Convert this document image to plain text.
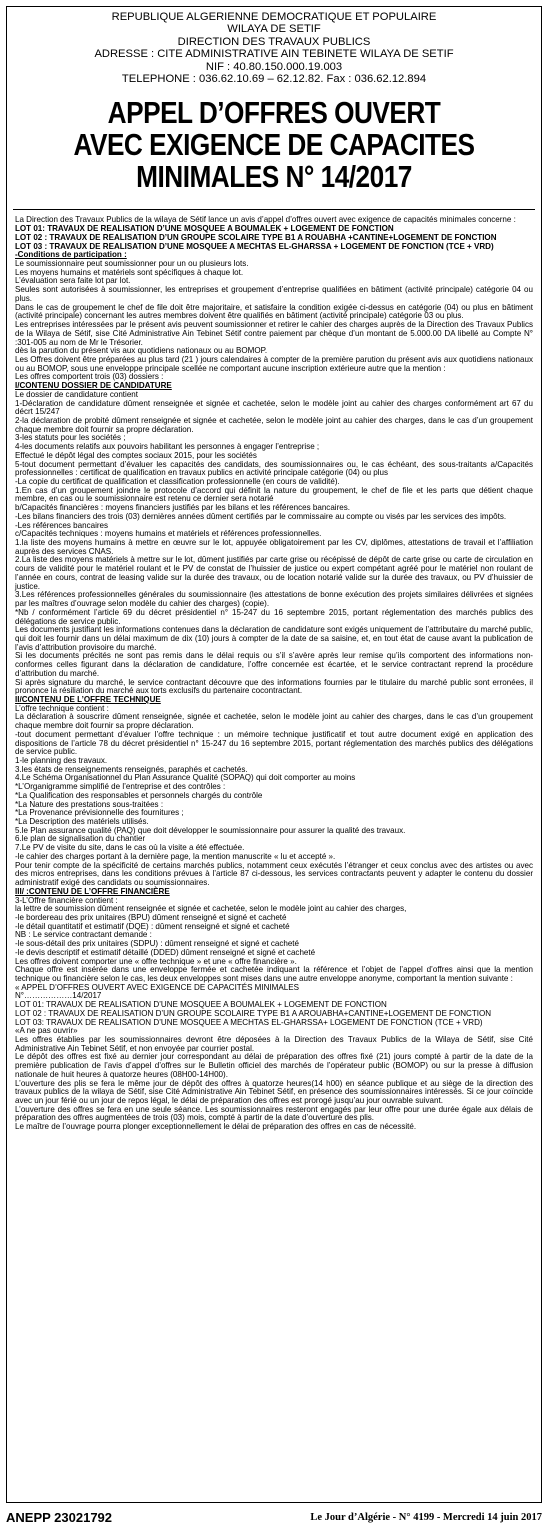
REPUBLIQUE ALGERIENNE DEMOCRATIQUE ET POPULAIRE
WILAYA DE SETIF
DIRECTION DES TRAVAUX PUBLICS
ADRESSE : CITE ADMINISTRATIVE AIN TEBINETE WILAYA DE SETIF
NIF : 40.80.150.000.19.003
TELEPHONE : 036.62.10.69 – 62.12.82. Fax : 036.62.12.894
APPEL D’OFFRES OUVERT
AVEC EXIGENCE DE CAPACITES
MINIMALES N° 14/2017

La Direction des Travaux Publics de la wilaya de Sétif lance un avis d’appel d’offres ouvert avec exigence de capacités minimales concerne :

LOT 01: TRAVAUX DE REALISATION D’UNE MOSQUEE A BOUMALEK + LOGEMENT DE FONCTION

LOT 02 : TRAVAUX DE REALISATION D’UN GROUPE SCOLAIRE TYPE B1 A ROUABHA +CANTINE+LOGEMENT DE FONCTION

LOT 03 : TRAVAUX DE REALISATION D’UNE MOSQUEE A MECHTAS EL-GHARSSA + LOGEMENT DE FONCTION (TCE + VRD)

-Conditions de participation :

Le soumissionnaire peut soumissionner pour un ou plusieurs lots.

Les moyens humains et matériels sont spécifiques à chaque lot.

L’évaluation sera faite lot par lot.

Seules sont autorisées à soumissionner, les entreprises et groupement d’entreprise qualifiées en bâtiment (activité principale) catégorie 04 ou plus.

Dans le cas de groupement le chef de file doit être majoritaire, et satisfaire la condition exigée ci-dessus en catégorie (04) ou plus en bâtiment (activité principale) concernant les autres membres doivent être qualifiés en bâtiment (activité principale) catégorie 03 ou plus.

Les entreprises intéressées par le présent avis peuvent soumissionner et retirer le cahier des charges auprès de la Direction des Travaux Publics de la Wilaya de Sétif, sise Cité Administrative Ain Tebinet Sétif contre paiement par chèque d’un montant de 5.000.00 DA libellé au Compte N° :301-005 au nom de Mr le Trésorier.

dès la parution du présent vis aux quotidiens nationaux ou au BOMOP.

Les Offres doivent être préparées au plus tard (21 ) jours calendaires à compter de la première parution du présent avis aux quotidiens nationaux ou au BOMOP, sous une enveloppe principale scellée ne comportant aucune inscription extérieure autre que la mention :

Les offres comportent trois (03) dossiers :

I/CONTENU DOSSIER DE CANDIDATURE

Le dossier de candidature contient

1-Déclaration de candidature dûment renseignée et signée et cachetée, selon le modèle joint au cahier des charges conformément art 67 du décrt 15/247

2-la déclaration de probité dûment renseignée et signée et cachetée, selon le modèle joint au cahier des charges, dans le cas d’un groupement chaque membre doit fournir sa propre déclaration.

3-les statuts pour les sociétés ;

4-les documents relatifs aux pouvoirs habilitant les personnes à engager l’entreprise ;

Effectué le dépôt légal des comptes sociaux 2015, pour les sociétés

5-tout document permettant d’évaluer les capacités des candidats, des soumissionnaires ou, le cas échéant, des sous-traitants a/Capacités professionnelles : certificat de qualification en travaux publics en activité principale catégorie (04) ou plus

-La copie du certificat de qualification et classification professionnelle (en cours de validité).

1.En cas d’un groupement joindre le protocole d’accord qui définit la nature du groupement, le chef de file et les parts que détient chaque membre, en cas ou le soumissionnaire est retenu ce dernier sera notarié

b/Capacités financières : moyens financiers justifiés par les bilans et les références bancaires.

-Les bilans financiers des trois (03) dernières années dûment certifiés par le commissaire au compte ou visés par les services des impôts.

-Les références bancaires

c/Capacités techniques : moyens humains et matériels et références professionnelles.

1.la liste des moyens humains à mettre en œuvre sur le lot, appuyée obligatoirement par les CV, diplômes, attestations de travail et l’affiliation auprès des services CNAS.

2.La liste des moyens matériels à mettre sur le lot, dûment justifiés par carte grise ou récépissé de dépôt de carte grise ou carte de circulation en cours de validité pour le matériel roulant et le PV de constat de l’huissier de justice ou expert compétant agréé pour le matériel non roulant de l’année en cours, contrat de leasing valide sur la durée des travaux, ou de location notarié valide sur la durée des travaux, ou PV d’huissier de justice.

3.Les références professionnelles générales du soumissionnaire (les attestations de bonne exécution des projets similaires délivrées et signées par les maîtres d’ouvrage selon modèle du cahier des charges) (copie).

*Nb / conformément l’article 69 du décret présidentiel n° 15-247 du 16 septembre 2015, portant réglementation des marchés publics des délégations de service public.

Les documents justifiant les informations contenues dans la déclaration de candidature sont exigés uniquement de l’attributaire du marché public, qui doit les fournir dans un délai maximum de dix (10) jours à compter de la date de sa saisine, et, en tout état de cause avant la publication de l’avis d’attribution provisoire du marché.

Si les documents précités ne sont pas remis dans le délai requis ou s’il s’avère après leur remise qu’ils comportent des informations non-conformes celles figurant dans la déclaration de candidature, l’offre concernée est écartée, et le service contractant reprend la procédure d’attribution du marché.

Si après signature du marché, le service contractant découvre que des informations fournies par le titulaire du marché public sont erronées, il prononce la résiliation du marché aux torts exclusifs du partenaire cocontractant.

II/CONTENU DE L’OFFRE TECHNIQUE

L’offre technique contient :

La déclaration à souscrire dûment renseignée, signée et cachetée, selon le modèle joint au cahier des charges, dans le cas d’un groupement chaque membre doit fournir sa propre déclaration.

-tout document permettant d’évaluer l’offre technique : un mémoire technique justificatif et tout autre document exigé en application des dispositions de l’article 78 du décret présidentiel n° 15-247 du 16 septembre 2015, portant réglementation des marchés publics des délégations de service public.

1-le planning des travaux.

3.les états de renseignements renseignés, paraphés et cachetés.

4.Le Schéma Organisationnel du Plan Assurance Qualité (SOPAQ) qui doit comporter au moins

*L’Organigramme simplifié de l’entreprise et des contrôles :

*La Qualification des responsables et personnels chargés du contrôle

*La Nature des prestations sous-traitées :

*La Provenance prévisionnelle des fournitures ;

*La Description des matériels utilisés.

5.le Plan assurance qualité (PAQ) que doit développer le soumissionnaire pour assurer la qualité des travaux.

6.le plan de signalisation du chantier

7.Le PV de visite du site, dans le cas où la visite a été effectuée.

-le cahier des charges portant à la dernière page, la mention manuscrite « lu et accepté ».

Pour tenir compte de la spécificité de certains marchés publics, notamment ceux exécutés l’étranger et ceux conclus avec des artistes ou avec des micros entreprises, dans les conditions prévues à l’article 87 ci-dessous, les services contractants peuvent y adapter le contenu du dossier administratif exigé des candidats ou soumissionnaires.

III/ :CONTENU DE L’OFFRE FINANCIÈRE

3-L’Offre financière contient :

la lettre de soumission dûment renseignée et signée et cachetée, selon le modèle joint au cahier des charges,

-le bordereau des prix unitaires (BPU) dûment renseigné et signé et cacheté

-le détail quantitatif et estimatif (DQE) : dûment renseigné et signé et cacheté

NB : Le service contractant demande :

-le sous-détail des prix unitaires (SDPU) : dûment renseigné et signé et cacheté

-le devis descriptif et estimatif détaillé (DDED) dûment renseigné et signé et cacheté

Les offres doivent comporter une « offre technique » et une « offre financière ».

Chaque offre est insérée dans une enveloppe fermée et cachetée indiquant la référence et l’objet de l’appel d’offres ainsi que la mention technique ou financière selon le cas, les deux enveloppes sont mises dans une autre enveloppe anonyme, comportant la mention suivante :

« APPEL D’OFFRES OUVERT AVEC EXIGENCE DE CAPACITÉS MINIMALES

N°………………14/2017

LOT 01: TRAVAUX DE REALISATION D’UNE MOSQUEE A BOUMALEK + LOGEMENT DE FONCTION

LOT 02 : TRAVAUX DE REALISATION D’UN GROUPE SCOLAIRE TYPE B1 A AROUABHA+CANTINE+LOGEMENT DE FONCTION

LOT 03: TRAVAUX DE REALISATION D’UNE MOSQUEE A MECHTAS EL-GHARSSA+ LOGEMENT DE FONCTION (TCE + VRD)

«A ne pas ouvrir»

Les offres établies par les soumissionnaires devront être déposées à la Direction des Travaux Publics de la Wilaya de Sétif, sise Cité Administrative Ain Tebinet Sétif, et non envoyée par courrier postal.

Le dépôt des offres est fixé au dernier jour correspondant au délai de préparation des offres fixé (21) jours compté à partir de la date de la première publication de l’avis d’appel d’offres sur le Bulletin officiel des marchés de l’opérateur public (BOMOP) ou sur la presse à diffusion nationale de huit heures à quatorze heures (08H00-14H00).

L’ouverture des plis se fera le même jour de dépôt des offres à quatorze heures(14 h00) en séance publique et au siège de la direction des travaux publics de la wilaya de Sétif, sise Cité Administrative Ain Tebinet Sétif, en présence des soumissionnaires intéressés. Si ce jour coïncide avec un jour férié ou un jour de repos légal, le délai de préparation des offres est prorogé jusqu’au jour ouvrable suivant.

L’ouverture des offres se fera en une seule séance. Les soumissionnaires resteront engagés par leur offre pour une durée égale aux délais de préparation des offres augmentées de trois (03) mois, compté à partir de la date d’ouverture des plis.

Le maître de l’ouvrage pourra plonger exceptionnellement le délai de préparation des offres en cas de nécessité.

ANEPP 23021792	Le Jour d’Algérie - N° 4199 - Mercredi 14 juin 2017
